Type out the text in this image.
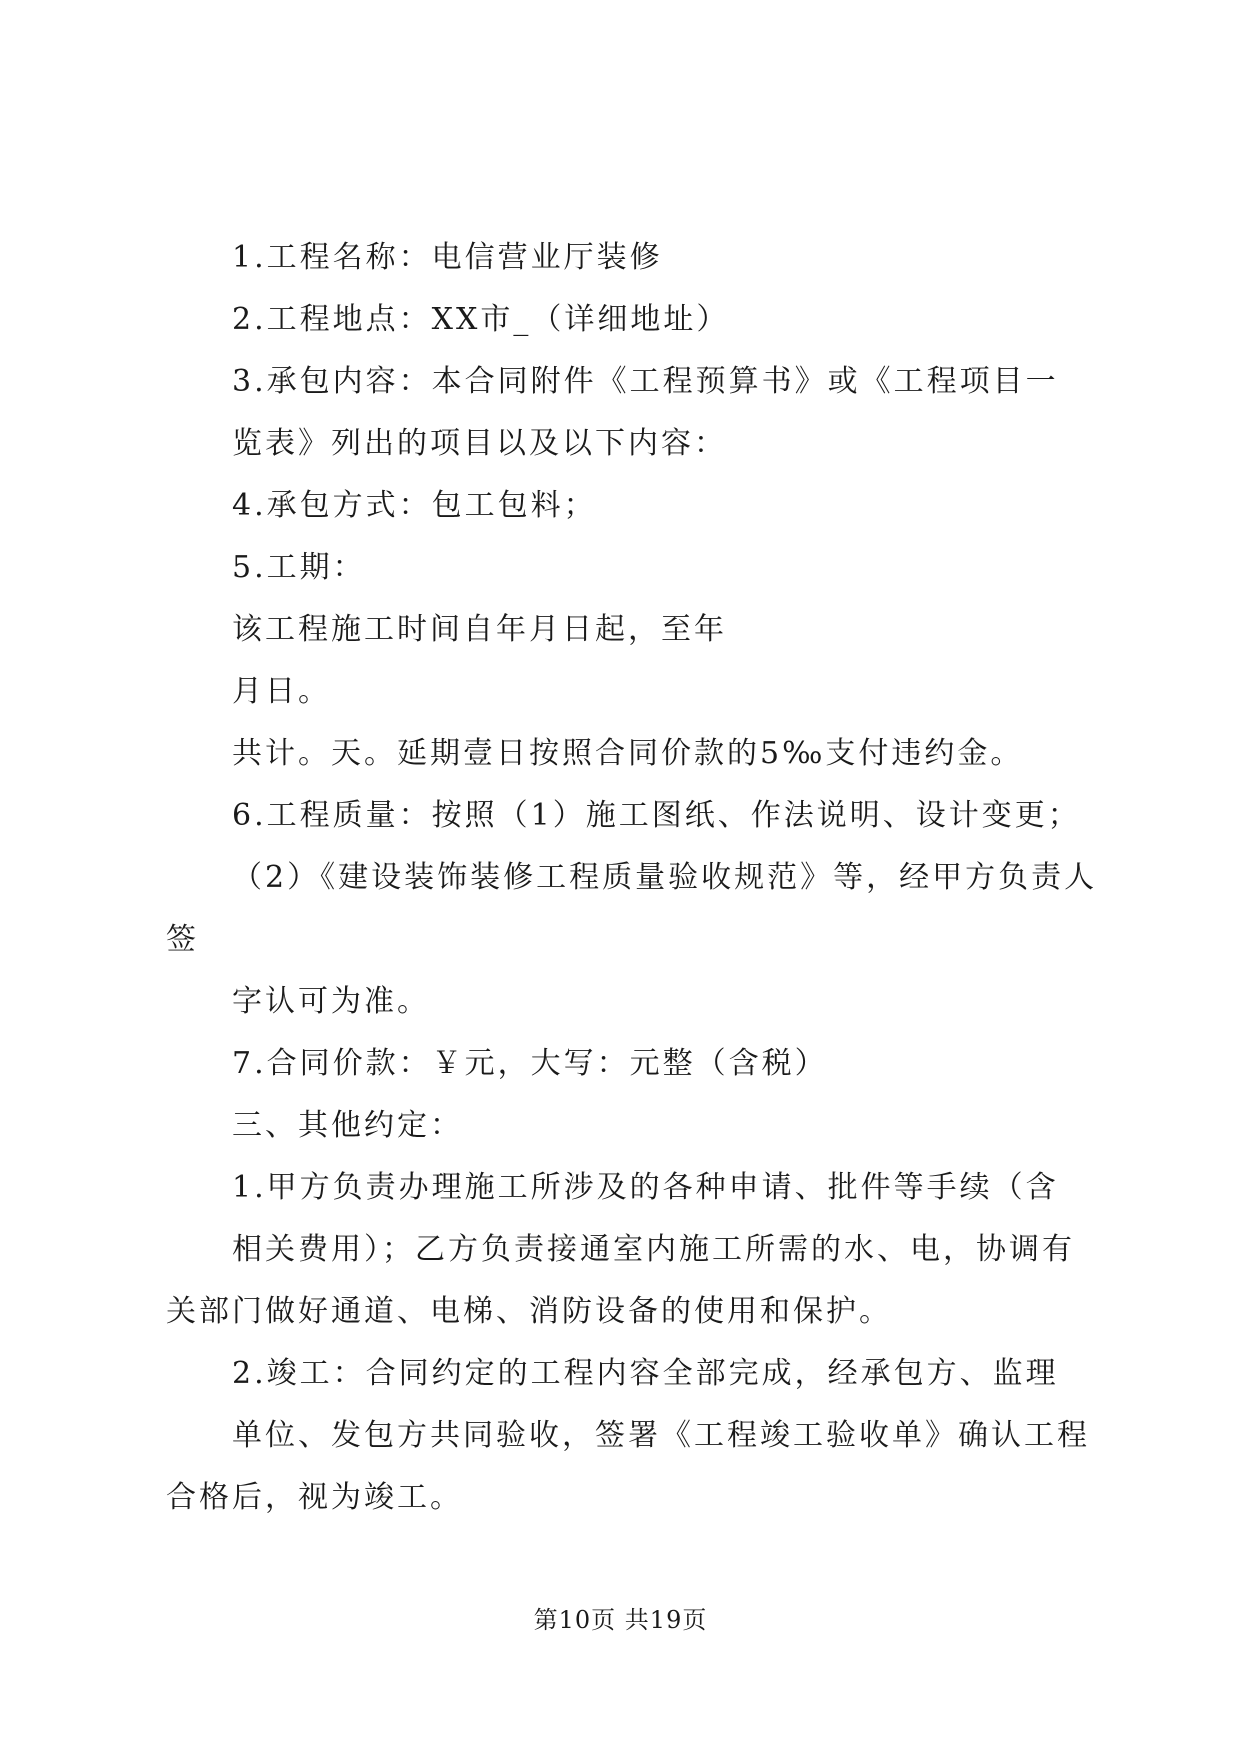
1.工程名称：电信营业厅装修
2.工程地点：XX市_（详细地址）
3.承包内容：本合同附件《工程预算书》或《工程项目一
览表》列出的项目以及以下内容：
4.承包方式：包工包料；
5.工期：
该工程施工时间自年月日起，至年
月日。
共计。天。延期壹日按照合同价款的5‰支付违约金。
6.工程质量：按照（1）施工图纸、作法说明、设计变更；
（2）《建设装饰装修工程质量验收规范》等，经甲方负责人
签
字认可为准。
7.合同价款：￥元，大写：元整（含税）
三、其他约定：
1.甲方负责办理施工所涉及的各种申请、批件等手续（含
相关费用）；乙方负责接通室内施工所需的水、电，协调有
关部门做好通道、电梯、消防设备的使用和保护。
2.竣工：合同约定的工程内容全部完成，经承包方、监理
单位、发包方共同验收，签署《工程竣工验收单》确认工程
合格后，视为竣工。
第10页 共19页
